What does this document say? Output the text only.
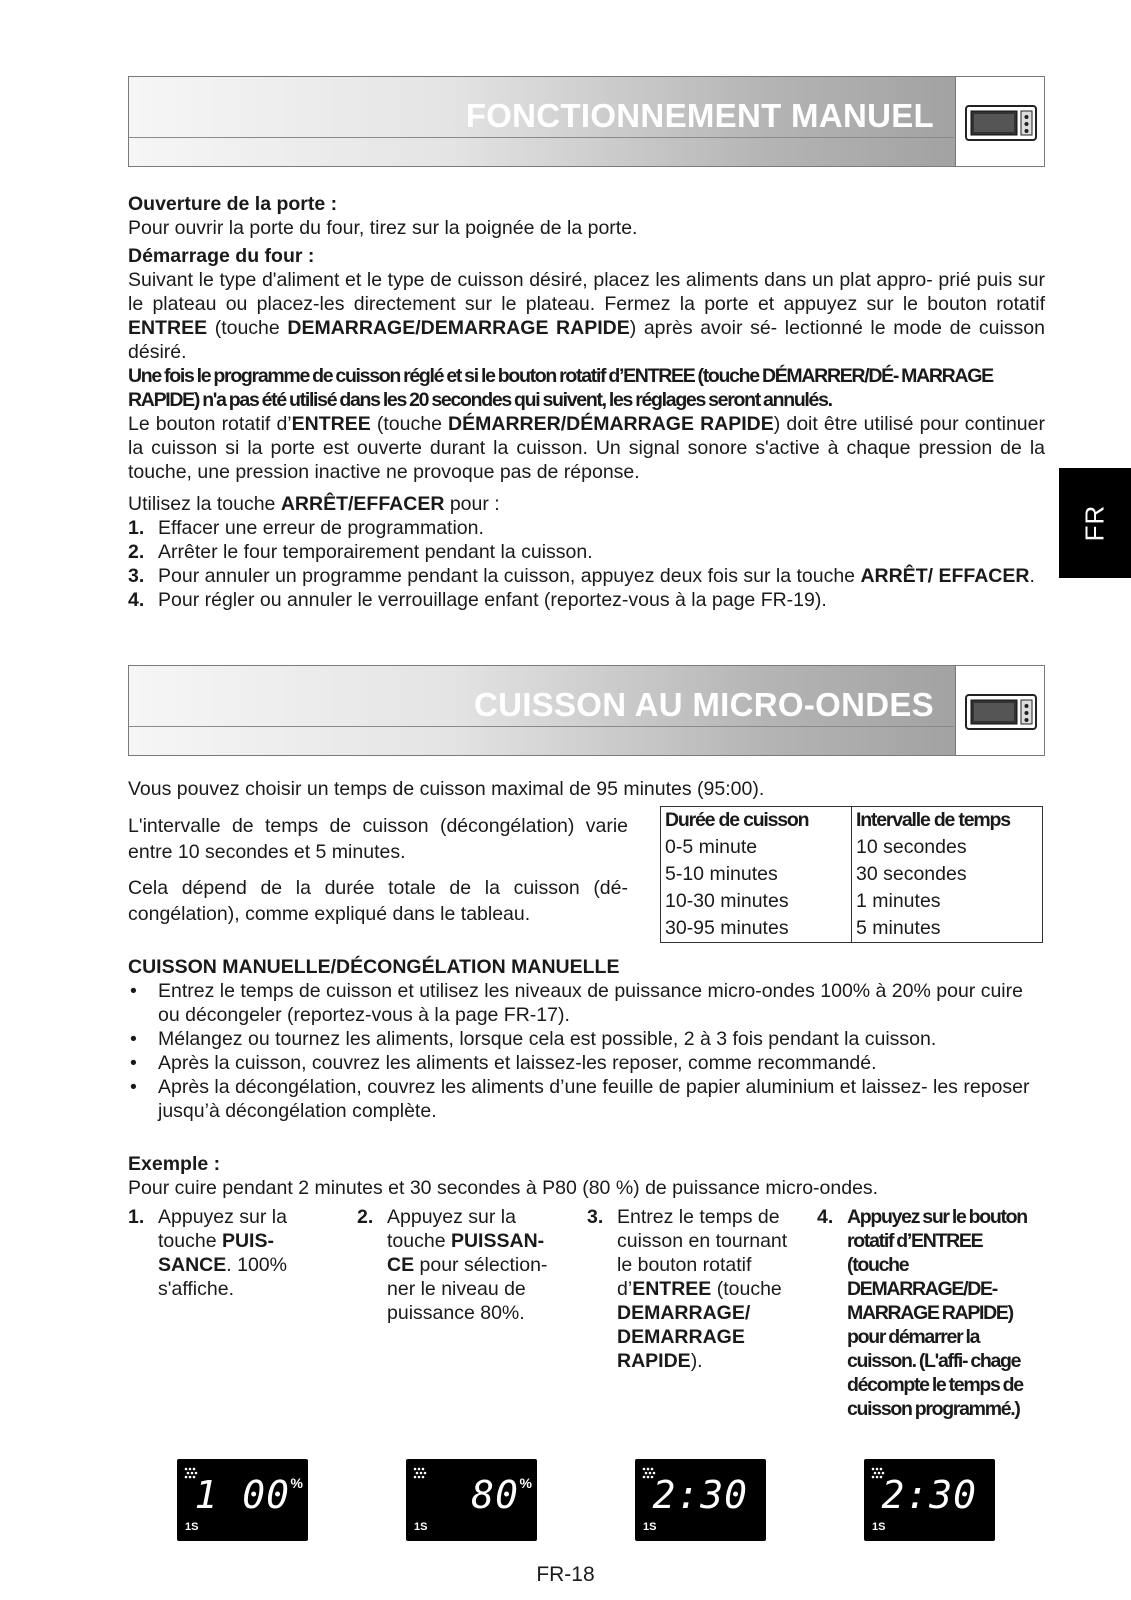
FONCTIONNEMENT MANUEL

Ouverture de la porte :

Pour ouvrir la porte du four, tirez sur la poignée de la porte.

Démarrage du four :

Suivant le type d'aliment et le type de cuisson désiré, placez les aliments dans un plat appro- prié puis sur le plateau ou placez-les directement sur le plateau. Fermez la porte et appuyez sur le bouton rotatif ENTREE (touche DEMARRAGE/DEMARRAGE RAPIDE) après avoir sé- lectionné le mode de cuisson désiré.

Une fois le programme de cuisson réglé et si le bouton rotatif d’ENTREE (touche DÉMARRER/DÉ- MARRAGE RAPIDE) n'a pas été utilisé dans les 20 secondes qui suivent, les réglages seront annulés.

Le bouton rotatif d’ENTREE (touche DÉMARRER/DÉMARRAGE RAPIDE) doit être utilisé pour continuer la cuisson si la porte est ouverte durant la cuisson. Un signal sonore s'active à chaque pression de la touche, une pression inactive ne provoque pas de réponse.

Utilisez la touche ARRÊT/EFFACER pour :

1. Effacer une erreur de programmation.
2. Arrêter le four temporairement pendant la cuisson.
3. Pour annuler un programme pendant la cuisson, appuyez deux fois sur la touche ARRÊT/ EFFACER.
4. Pour régler ou annuler le verrouillage enfant (reportez-vous à la page FR-19).
FR
CUISSON AU MICRO-ONDES

Vous pouvez choisir un temps de cuisson maximal de 95 minutes (95:00).

L'intervalle de temps de cuisson (décongélation) varie entre 10 secondes et 5 minutes.

Cela dépend de la durée totale de la cuisson (dé- congélation), comme expliqué dans le tableau.

Durée de cuisson	Intervalle de temps
0-5 minute	10 secondes
5-10 minutes	30 secondes
10-30 minutes	1 minutes
30-95 minutes	5 minutes

CUISSON MANUELLE/DÉCONGÉLATION MANUELLE

• Entrez le temps de cuisson et utilisez les niveaux de puissance micro-ondes 100% à 20% pour cuire ou décongeler (reportez-vous à la page FR-17).
• Mélangez ou tournez les aliments, lorsque cela est possible, 2 à 3 fois pendant la cuisson.
• Après la cuisson, couvrez les aliments et laissez-les reposer, comme recommandé.
• Après la décongélation, couvrez les aliments d’une feuille de papier aluminium et laissez- les reposer jusqu’à décongélation complète.

Exemple :

Pour cuire pendant 2 minutes et 30 secondes à P80 (80 %) de puissance micro-ondes.

1. Appuyez sur la touche PUIS- SANCE. 100% s'affiche.
2. Appuyez sur la touche PUISSAN- CE pour sélection- ner le niveau de puissance 80%.
3. Entrez le temps de cuisson en tournant le bouton rotatif d’ENTREE (touche DEMARRAGE/ DEMARRAGE RAPIDE).
4. Appuyez sur le bouton rotatif d’ENTREE (touche DEMARRAGE/DE- MARRAGE RAPIDE) pour démarrer la cuisson. (L'affi- chage décompte le temps de cuisson programmé.)
1 00 %
1S
80 %
1S
2:30
1S
2:30
1S
FR-18
